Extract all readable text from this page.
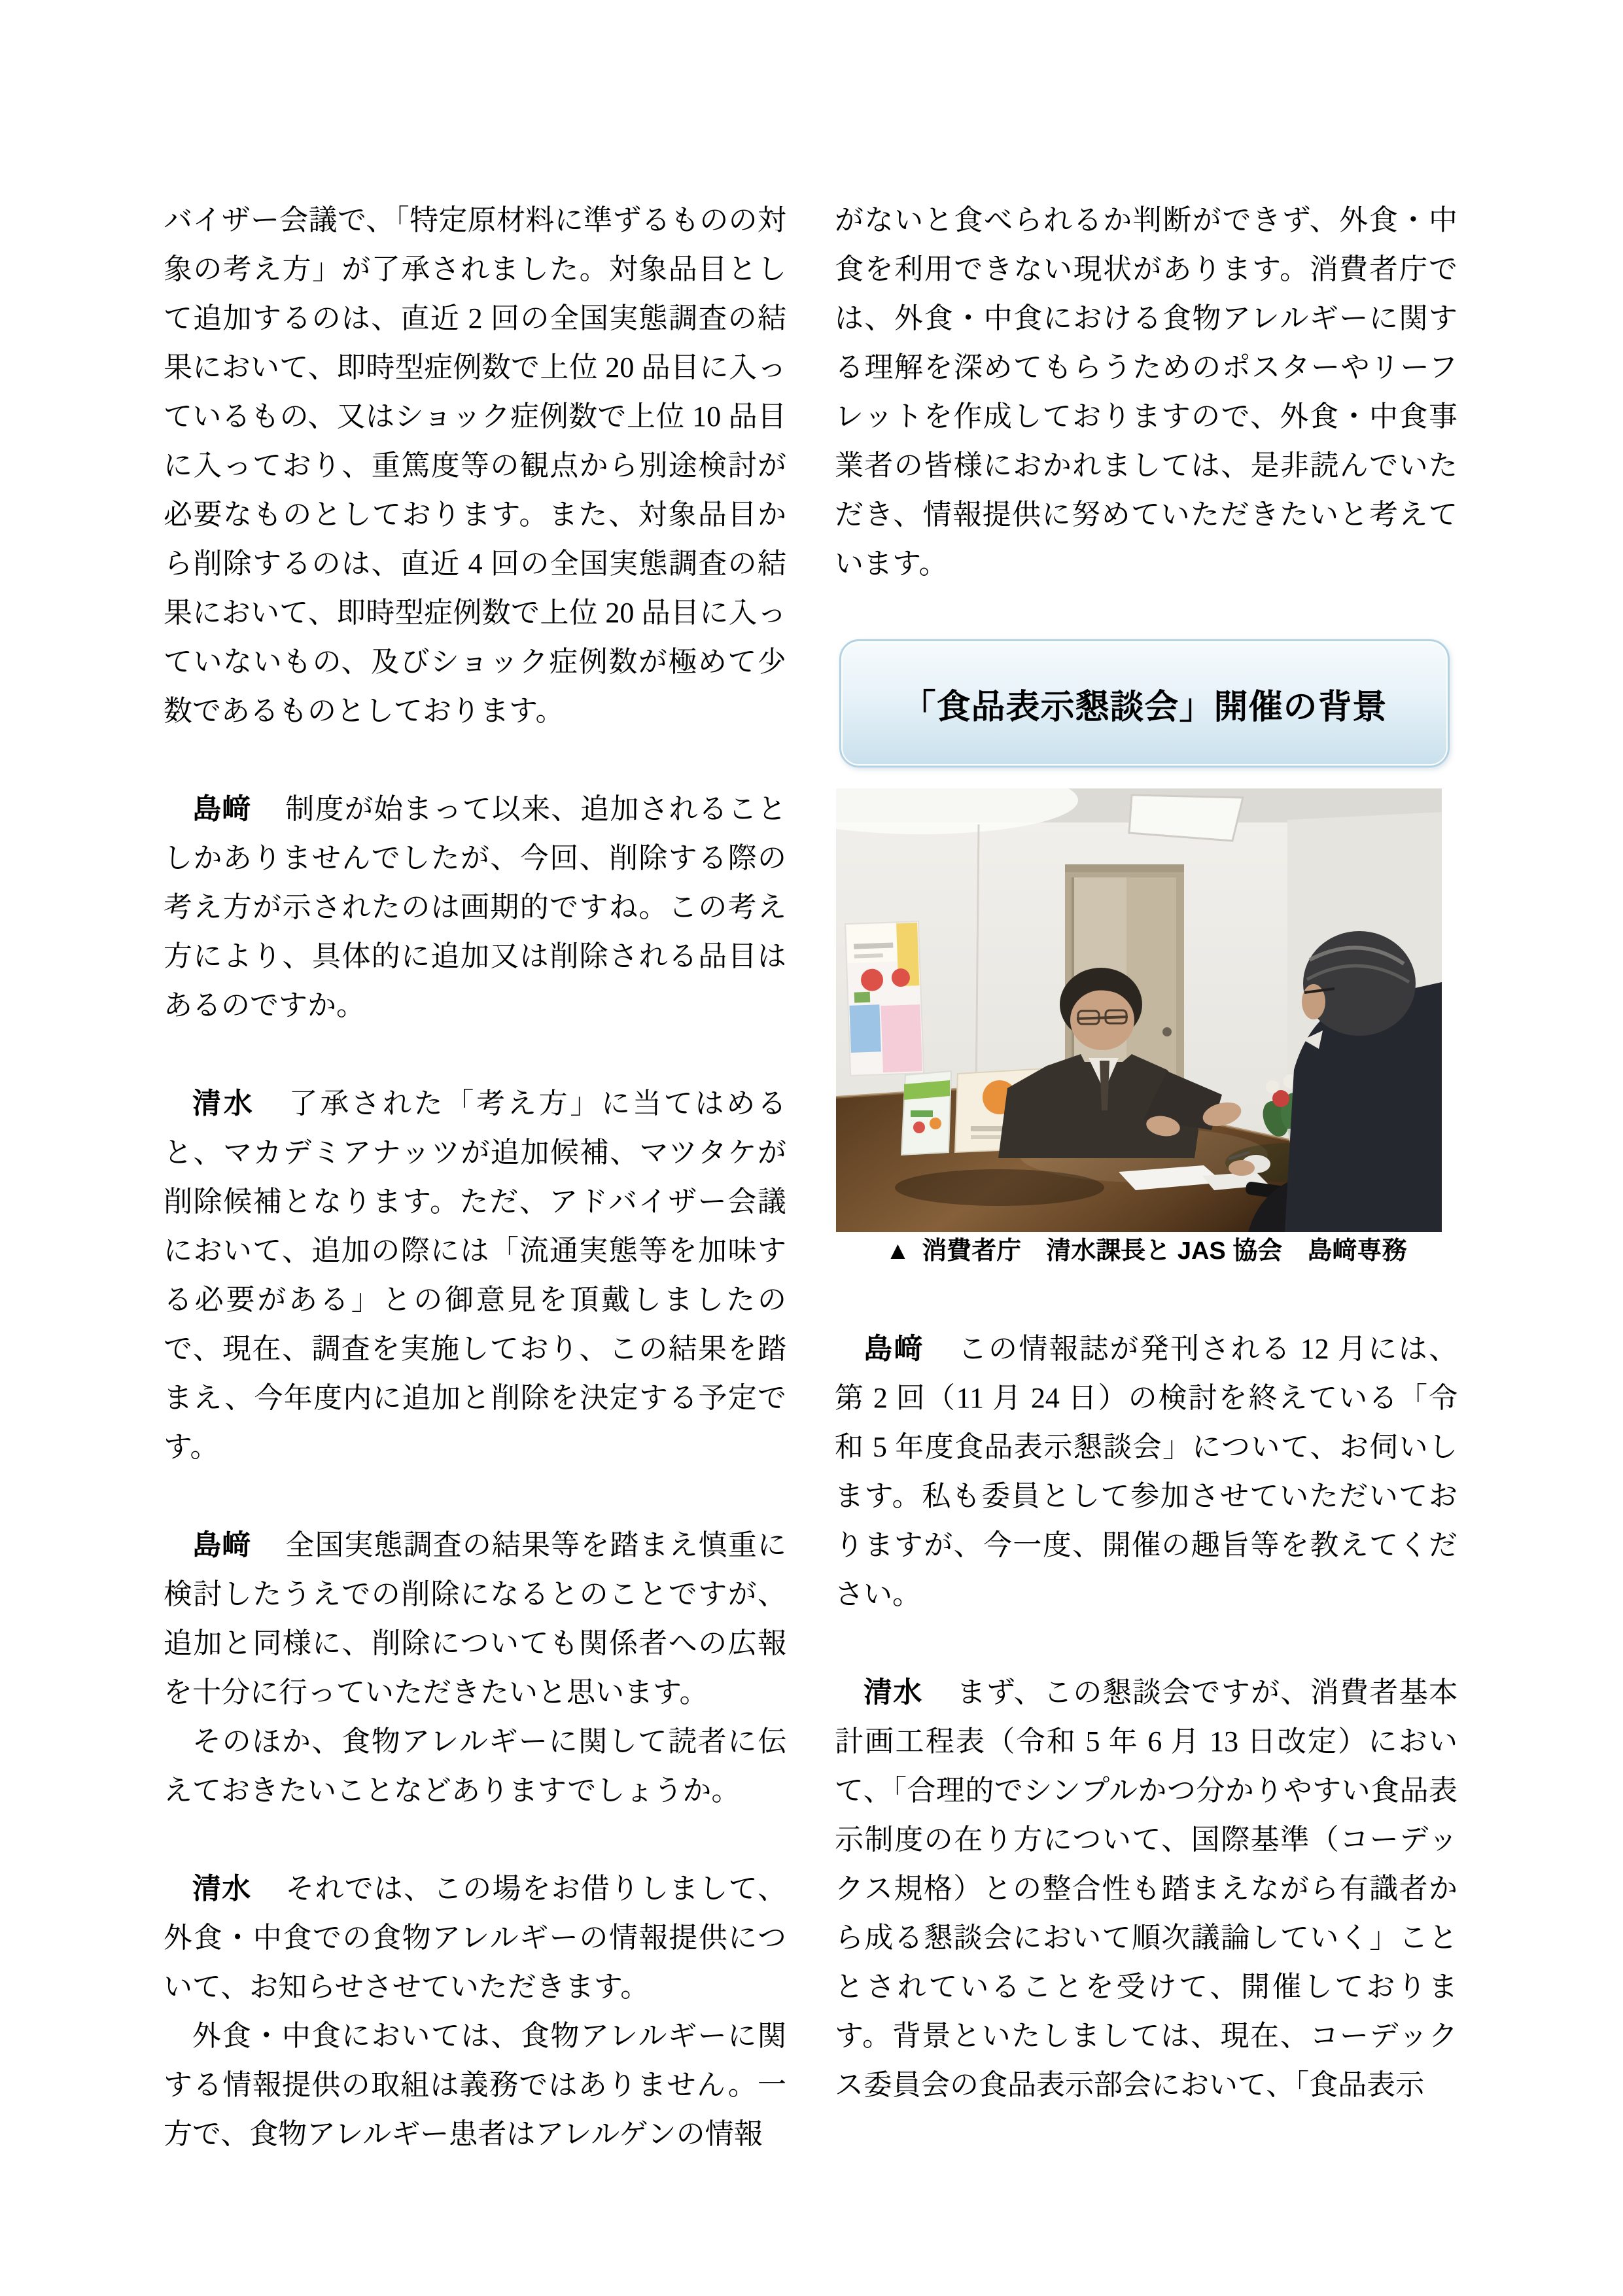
バイザー会議で、「特定原材料に準ずるものの対象の考え方」が了承されました。対象品目として追加するのは、直近 2 回の全国実態調査の結果において、即時型症例数で上位 20 品目に入っているもの、又はショック症例数で上位 10 品目に入っており、重篤度等の観点から別途検討が必要なものとしております。また、対象品目から削除するのは、直近 4 回の全国実態調査の結果において、即時型症例数で上位 20 品目に入っていないもの、及びショック症例数が極めて少数であるものとしております。

島﨑 制度が始まって以来、追加されることしかありませんでしたが、今回、削除する際の考え方が示されたのは画期的ですね。この考え方により、具体的に追加又は削除される品目はあるのですか。

清水 了承された「考え方」に当てはめると、マカデミアナッツが追加候補、マツタケが削除候補となります。ただ、アドバイザー会議において、追加の際には「流通実態等を加味する必要がある」との御意見を頂戴しましたので、現在、調査を実施しており、この結果を踏まえ、今年度内に追加と削除を決定する予定です。

島﨑 全国実態調査の結果等を踏まえ慎重に検討したうえでの削除になるとのことですが、追加と同様に、削除についても関係者への広報を十分に行っていただきたいと思います。

そのほか、食物アレルギーに関して読者に伝えておきたいことなどありますでしょうか。

清水 それでは、この場をお借りしまして、外食・中食での食物アレルギーの情報提供について、お知らせさせていただきます。

外食・中食においては、食物アレルギーに関する情報提供の取組は義務ではありません。一方で、食物アレルギー患者はアレルゲンの情報

がないと食べられるか判断ができず、外食・中食を利用できない現状があります。消費者庁では、外食・中食における食物アレルギーに関する理解を深めてもらうためのポスターやリーフレットを作成しておりますので、外食・中食事業者の皆様におかれましては、是非読んでいただき、情報提供に努めていただきたいと考えています。

「食品表示懇談会」開催の背景
▲ 消費者庁　清水課長と JAS 協会　島﨑専務

島﨑 この情報誌が発刊される 12 月には、第 2 回（11 月 24 日）の検討を終えている「令和 5 年度食品表示懇談会」について、お伺いします。私も委員として参加させていただいておりますが、今一度、開催の趣旨等を教えてください。

清水 まず、この懇談会ですが、消費者基本計画工程表（令和 5 年 6 月 13 日改定）において、「合理的でシンプルかつ分かりやすい食品表示制度の在り方について、国際基準（コーデックス規格）との整合性も踏まえながら有識者から成る懇談会において順次議論していく」こととされていることを受けて、開催しております。背景といたしましては、現在、コーデックス委員会の食品表示部会において、「食品表示
